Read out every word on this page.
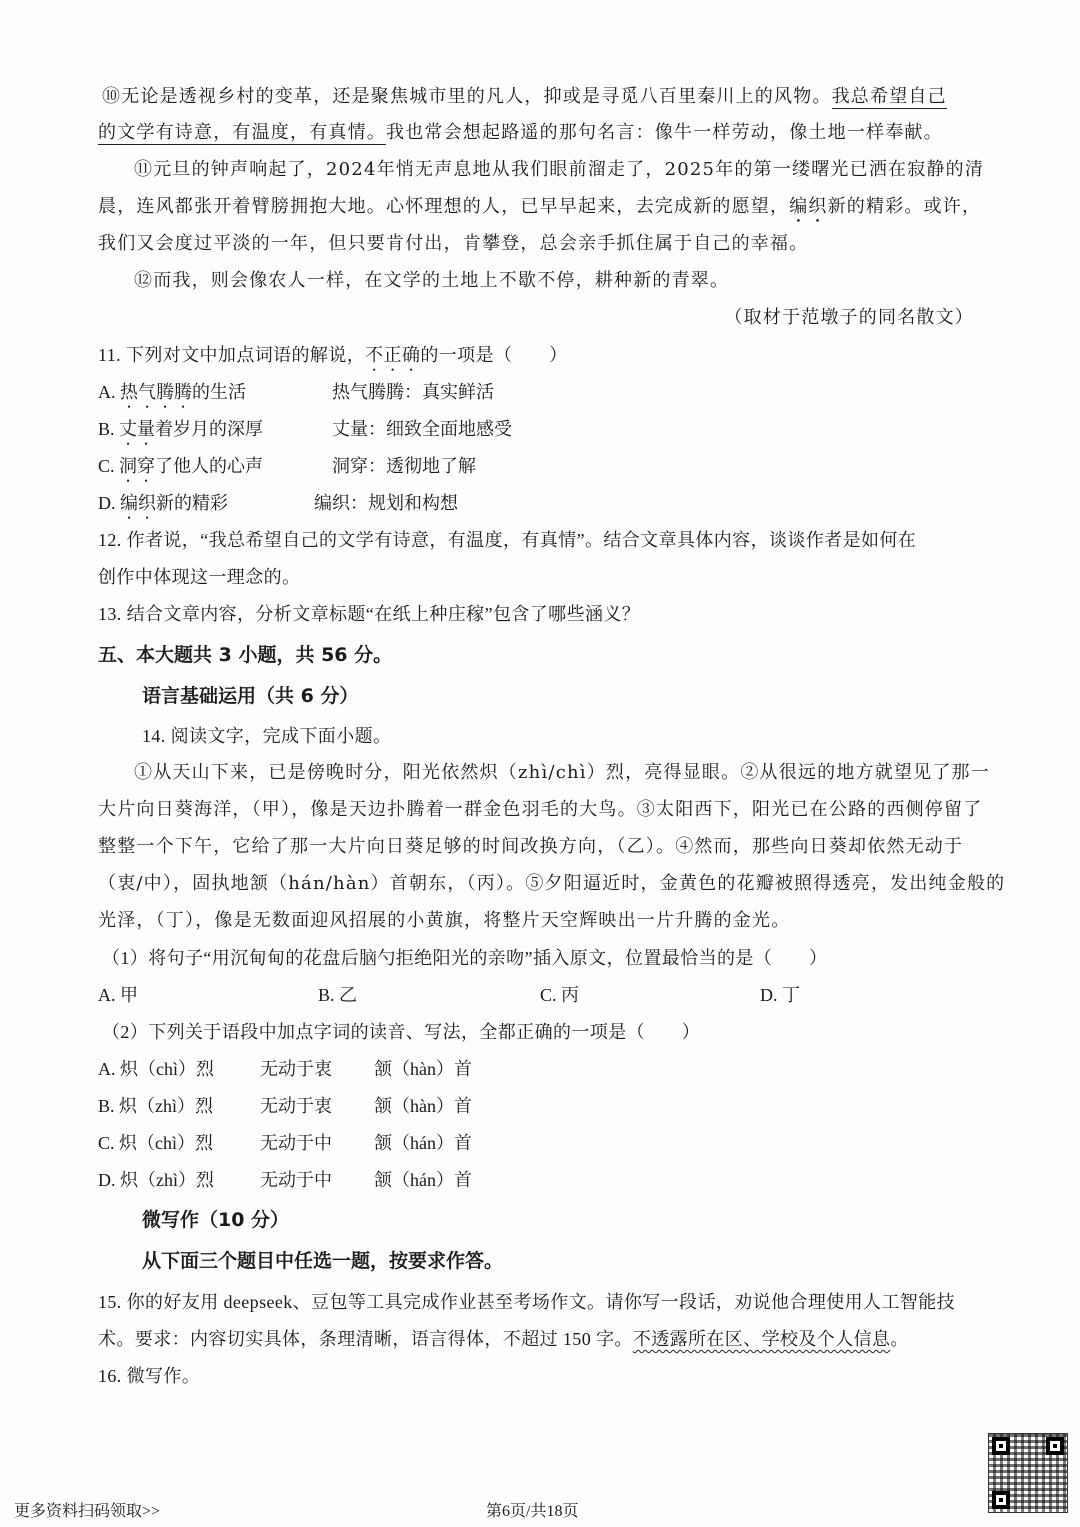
⑩无论是透视乡村的变革，还是聚焦城市里的凡人，抑或是寻觅八百里秦川上的风物。我总希望自己
的文学有诗意，有温度，有真情。我也常会想起路遥的那句名言：像牛一样劳动，像土地一样奉献。
⑪元旦的钟声响起了，2024年悄无声息地从我们眼前溜走了，2025年的第一缕曙光已洒在寂静的清
晨，连风都张开着臂膀拥抱大地。心怀理想的人，已早早起来，去完成新的愿望，编织新的精彩。或许，
我们又会度过平淡的一年，但只要肯付出，肯攀登，总会亲手抓住属于自己的幸福。
⑫而我，则会像农人一样，在文学的土地上不歇不停，耕种新的青翠。
（取材于范墩子的同名散文）
11. 下列对文中加点词语的解说，不正确的一项是（　　）
A. 热气腾腾的生活	热气腾腾：真实鲜活
B. 丈量着岁月的深厚	丈量：细致全面地感受
C. 洞穿了他人的心声	洞穿：透彻地了解
D. 编织新的精彩	编织：规划和构想
12. 作者说，“我总希望自己的文学有诗意，有温度，有真情”。结合文章具体内容，谈谈作者是如何在
创作中体现这一理念的。
13. 结合文章内容，分析文章标题“在纸上种庄稼”包含了哪些涵义？
五、本大题共 3 小题，共 56 分。
语言基础运用（共 6 分）
14. 阅读文字，完成下面小题。
①从天山下来，已是傍晚时分，阳光依然炽（zhì/chì）烈，亮得显眼。②从很远的地方就望见了那一
大片向日葵海洋，（甲），像是天边扑腾着一群金色羽毛的大鸟。③太阳西下，阳光已在公路的西侧停留了
整整一个下午，它给了那一大片向日葵足够的时间改换方向，（乙）。④然而，那些向日葵却依然无动于
（衷/中），固执地颔（hán/hàn）首朝东，（丙）。⑤夕阳逼近时，金黄色的花瓣被照得透亮，发出纯金般的
光泽，（丁），像是无数面迎风招展的小黄旗，将整片天空辉映出一片升腾的金光。
（1）将句子“用沉甸甸的花盘后脑勺拒绝阳光的亲吻”插入原文，位置最恰当的是（　　）
A. 甲	B. 乙	C. 丙	D. 丁
（2）下列关于语段中加点字词的读音、写法，全都正确的一项是（　　）
A. 炽（chì）烈	无动于衷 颔（hàn）首
B. 炽（zhì）烈	无动于衷 颔（hàn）首
C. 炽（chì）烈	无动于中 颔（hán）首
D. 炽（zhì）烈	无动于中 颔（hán）首
微写作（10 分）
从下面三个题目中任选一题，按要求作答。
15. 你的好友用 deepseek、豆包等工具完成作业甚至考场作文。请你写一段话，劝说他合理使用人工智能技
术。要求：内容切实具体，条理清晰，语言得体，不超过 150 字。不透露所在区、学校及个人信息。
16. 微写作。
更多资料扫码领取>>	第6页/共18页
